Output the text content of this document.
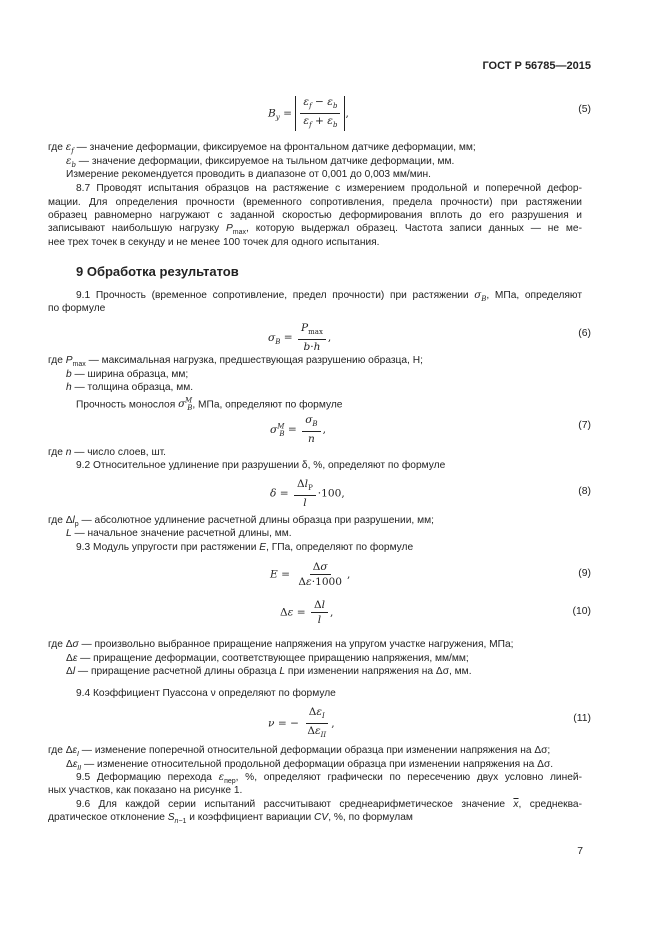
ГОСТ Р 56785—2015
$B_y = \frac{\varepsilon_f - \varepsilon_b}{\varepsilon_f + \varepsilon_b}$ ,	(5)
где $\varepsilon_f$ — значение деформации, фиксируемое на фронтальном датчике деформации, мм;
$\varepsilon_b$ — значение деформации, фиксируемое на тыльном датчике деформации, мм.
Измерение рекомендуется проводить в диапазоне от 0,001 до 0,003 мм/мин.
8.7 Проводят испытания образцов на растяжение с измерением продольной и поперечной дефор-
мации. Для определения прочности (временного сопротивления, предела прочности) при растяжении
образец равномерно нагружают с заданной скоростью деформирования вплоть до его разрушения и
записывают наибольшую нагрузку $P_{max}$, которую выдержал образец. Частота записи данных — не ме-
нее трех точек в секунду и не менее 100 точек для одного испытания.
9 Обработка результатов
9.1 Прочность (временное сопротивление, предел прочности) при растяжении $\sigma_B$, МПа, определяют
по формуле
$\sigma_B = \frac{P_{max}}{b\cdot h}$ ,	(6)
где $P_{max}$ — максимальная нагрузка, предшествующая разрушению образца, Н;
b — ширина образца, мм;
h — толщина образца, мм.
Прочность монослоя $\sigma^M_B$, МПа, определяют по формуле
$\sigma^M_B = \frac{\sigma_B}{n}$ ,	(7)
где n — число слоев, шт.
9.2 Относительное удлинение при разрушении δ, %, определяют по формуле
$\delta = \frac{\Delta l_P}{l} \cdot 100$,	(8)
где $\Delta l_p$ — абсолютное удлинение расчетной длины образца при разрушении, мм;
L — начальное значение расчетной длины, мм.
9.3 Модуль упругости при растяжении E, ГПа, определяют по формуле
$E = \frac{\Delta\sigma}{\Delta\varepsilon\cdot 1000}$ ,	(9)
$\Delta\varepsilon = \frac{\Delta l}{l}$ ,	(10)
где Δσ — произвольно выбранное приращение напряжения на упругом участке нагружения, МПа;
Δε — приращение деформации, соответствующее приращению напряжения, мм/мм;
Δl — приращение расчетной длины образца L при изменении напряжения на Δσ, мм.
9.4 Коэффициент Пуассона ν определяют по формуле
ν = − $\frac{\Delta\varepsilon_I}{\Delta\varepsilon_{II}}$ ,	(11)
где $\Delta\varepsilon_I$ — изменение поперечной относительной деформации образца при изменении напряжения на Δσ;
$\Delta\varepsilon_{II}$ — изменение относительной продольной деформации образца при изменении напряжения на Δσ.
9.5 Деформацию перехода $\varepsilon_{пер}$, %, определяют графически по пересечению двух условно линей-
ных участков, как показано на рисунке 1.
9.6 Для каждой серии испытаний рассчитывают среднеарифметическое значение $\overline{x}$, среднеква-
дратическое отклонение $S_{n-1}$ и коэффициент вариации CV, %, по формулам
7
